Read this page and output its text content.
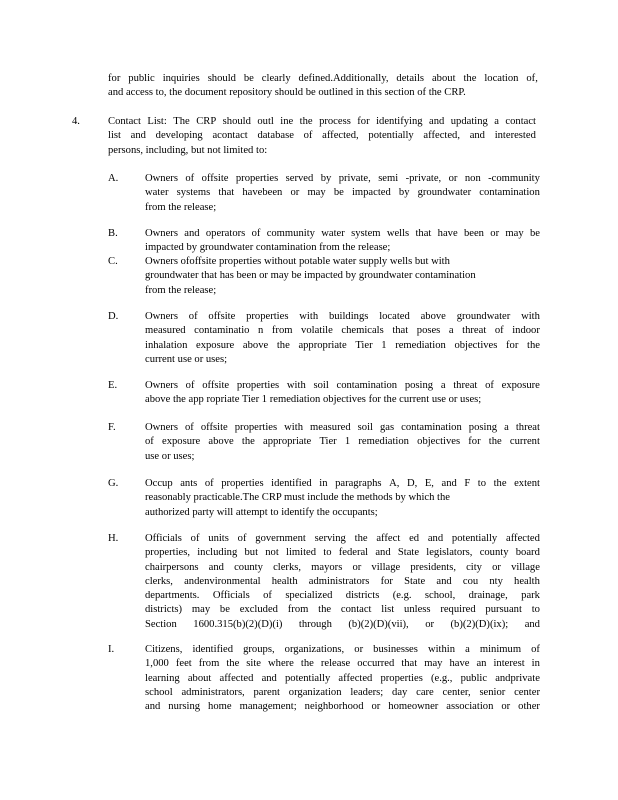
for public inquiries should be clearly defined.Additionally, details about the location of,
and access to, the document repository should be outlined in this section of the CRP.
4.	Contact List: The CRP should outl ine the process for identifying and updating a contact
list and developing acontact database of affected, potentially affected, and interested
persons, including, but not limited to:
A.	Owners of offsite properties served by private, semi -private, or non -community
water systems that havebeen or may be impacted by groundwater contamination
from the release;
B.	Owners and operators of community water system wells that have been or may be
impacted by groundwater contamination from the release;
C.	Owners ofoffsite properties without potable water supply wells but with
groundwater that has been or may be impacted by groundwater contamination
from the release;
D.	Owners of offsite properties with buildings located above groundwater with
measured contaminatio n from volatile chemicals that poses a threat of indoor
inhalation exposure above the appropriate Tier 1 remediation objectives for the
current use or uses;
E.	Owners of offsite properties with soil contamination posing a threat of exposure
above the app ropriate Tier 1 remediation objectives for the current use or uses;
F.	Owners of offsite properties with measured soil gas contamination posing a threat
of exposure above the appropriate Tier 1 remediation objectives for the current
use or uses;
G.	Occup ants of properties identified in paragraphs A, D, E, and F to the extent
reasonably practicable.The CRP must include the methods by which the
authorized party will attempt to identify the occupants;
H.	Officials of units of government serving the affect ed and potentially affected
properties, including but not limited to federal and State legislators, county board
chairpersons and county clerks, mayors or village presidents, city or village
clerks, andenvironmental health administrators for State and cou nty health
departments. Officials of specialized districts (e.g. school, drainage, park
districts) may be excluded from the contact list unless required pursuant to
Section 1600.315(b)(2)(D)(i) through (b)(2)(D)(vii), or (b)(2)(D)(ix); and
I.	Citizens, identified groups, organizations, or businesses within a minimum of
1,000 feet from the site where the release occurred that may have an interest in
learning about affected and potentially affected properties (e.g., public andprivate
school administrators, parent organization leaders; day care center, senior center
and nursing home management; neighborhood or homeowner association or other
